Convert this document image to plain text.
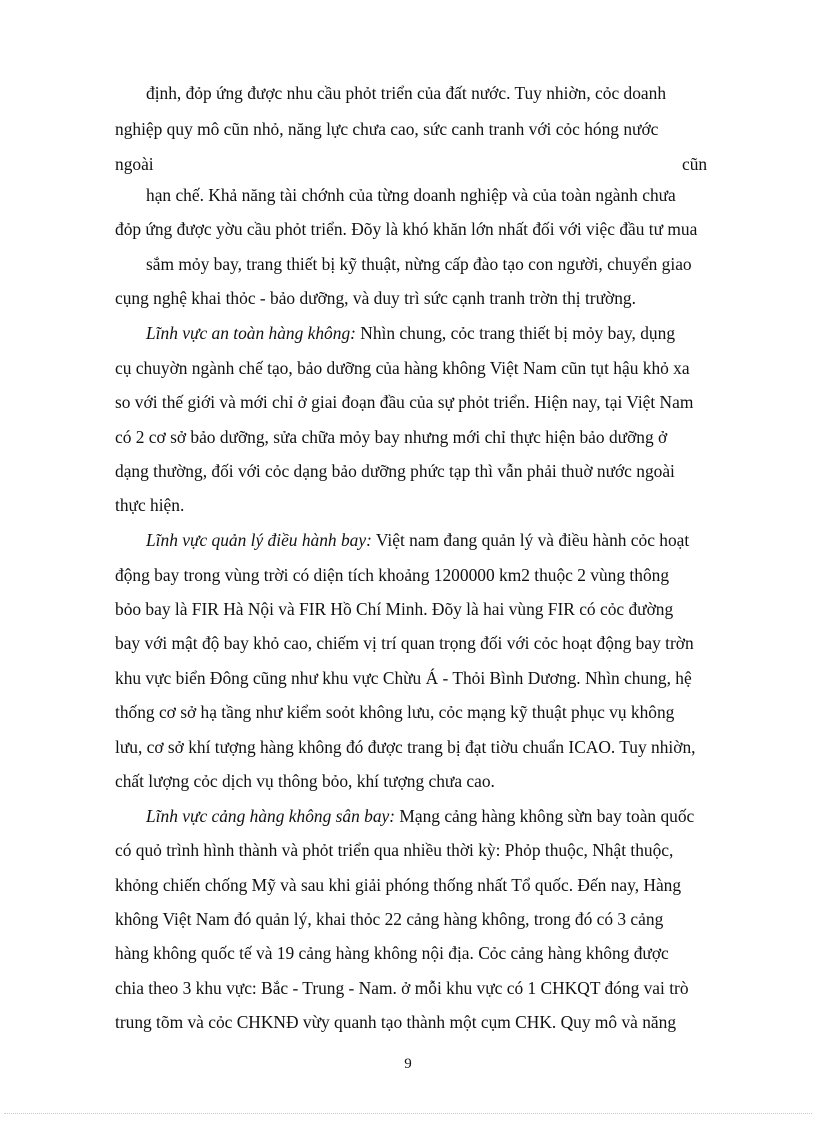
định, đỏp ứng được nhu cầu phỏt triển của đất nước. Tuy nhiờn, cỏc doanh
nghiệp quy mô cũn nhỏ, năng lực chưa cao, sức canh tranh với cỏc hóng nước
ngoài	cũn
hạn chế. Khả năng tài chớnh của từng doanh nghiệp và của toàn ngành chưa
đỏp ứng được yờu cầu phỏt triển. Đõy là khó khăn lớn nhất đối với việc đầu tư mua
sắm mỏy bay, trang thiết bị kỹ thuật, nừng cấp đào tạo con người, chuyển giao
cụng nghệ khai thỏc - bảo dưỡng, và duy trì sức cạnh tranh trờn thị trường.
Lĩnh vực an toàn hàng không: Nhìn chung, cỏc trang thiết bị mỏy bay, dụng
cụ chuyờn ngành chế tạo, bảo dưỡng của hàng không Việt Nam cũn tụt hậu khỏ xa
so với thế giới và mới chỉ ở giai đoạn đầu của sự phỏt triển. Hiện nay, tại Việt Nam
có 2 cơ sở bảo dưỡng, sửa chữa mỏy bay nhưng mới chỉ thực hiện bảo dưỡng ở
dạng thường, đối với cỏc dạng bảo dưỡng phức tạp thì vẫn phải thuờ nước ngoài
thực hiện.
Lĩnh vực quản lý điều hành bay: Việt nam đang quản lý và điều hành cỏc hoạt
động bay trong vùng trời có diện tích khoảng 1200000 km2 thuộc 2 vùng thông
bỏo bay là FIR Hà Nội và FIR Hồ Chí Minh. Đõy là hai vùng FIR có cỏc đường
bay với mật độ bay khỏ cao, chiếm vị trí quan trọng đối với cỏc hoạt động bay trờn
khu vực biển Đông cũng như khu vực Chừu Á - Thỏi Bình Dương. Nhìn chung, hệ
thống cơ sở hạ tầng như kiểm soỏt không lưu, cỏc mạng kỹ thuật phục vụ không
lưu, cơ sở khí tượng hàng không đó được trang bị đạt tiờu chuẩn ICAO. Tuy nhiờn,
chất lượng cỏc dịch vụ thông bỏo, khí tượng chưa cao.
Lĩnh vực cảng hàng không sân bay: Mạng cảng hàng không sừn bay toàn quốc
có quỏ trình hình thành và phỏt triển qua nhiều thời kỳ: Phỏp thuộc, Nhật thuộc,
khỏng chiến chống Mỹ và sau khi giải phóng thống nhất Tổ quốc. Đến nay, Hàng
không Việt Nam đó quản lý, khai thỏc 22 cảng hàng không, trong đó có 3 cảng
hàng không quốc tế và 19 cảng hàng không nội địa. Cỏc cảng hàng không được
chia theo 3 khu vực: Bắc - Trung - Nam. ở mỗi khu vực có 1 CHKQT đóng vai trò
trung tõm và cỏc CHKNĐ vừy quanh tạo thành một cụm CHK. Quy mô và năng
9
